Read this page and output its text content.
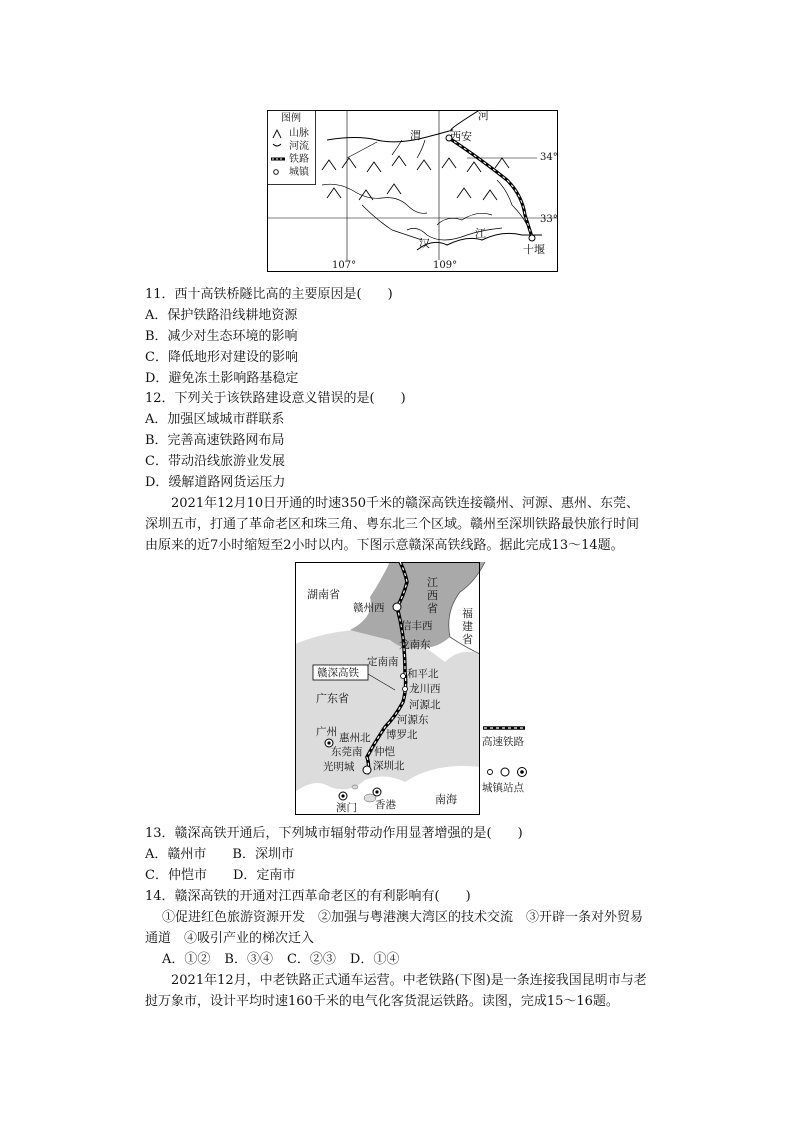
图例
山脉
河流
铁路
城镇
渭
河
西安
34°
33°
汉
江
十堰
107°	109°
11．西十高铁桥隧比高的主要原因是(　　)
A．保护铁路沿线耕地资源
B．减少对生态环境的影响
C．降低地形对建设的影响
D．避免冻土影响路基稳定
12．下列关于该铁路建设意义错误的是(　　)
A．加强区域城市群联系
B．完善高速铁路网布局
C．带动沿线旅游业发展
D．缓解道路网货运压力
2021年12月10日开通的时速350千米的赣深高铁连接赣州、河源、惠州、东莞、深圳五市，打通了革命老区和珠三角、粤东北三个区域。赣州至深圳铁路最快旅行时间由原来的近7小时缩短至2小时以内。下图示意赣深高铁线路。据此完成13～14题。
湖南省
江西省 福建省
广东省
南海
赣深高铁
赣州西
信丰西
龙南东
定南南
和平北
龙川西
河源北
河源东
博罗北
广州 惠州北
东莞南 仲恺
光明城 深圳北
澳门 香港
高速铁路
城镇站点
13．赣深高铁开通后，下列城市辐射带动作用显著增强的是(　　)
A．赣州市 B．深圳市
C．仲恺市 D．定南市
14．赣深高铁的开通对江西革命老区的有利影响有(　　)
①促进红色旅游资源开发　②加强与粤港澳大湾区的技术交流　③开辟一条对外贸易
通道　④吸引产业的梯次迁入
A．①② B．③④ C．②③ D．①④
2021年12月，中老铁路正式通车运营。中老铁路(下图)是一条连接我国昆明市与老挝万象市，设计平均时速160千米的电气化客货混运铁路。读图，完成15～16题。
